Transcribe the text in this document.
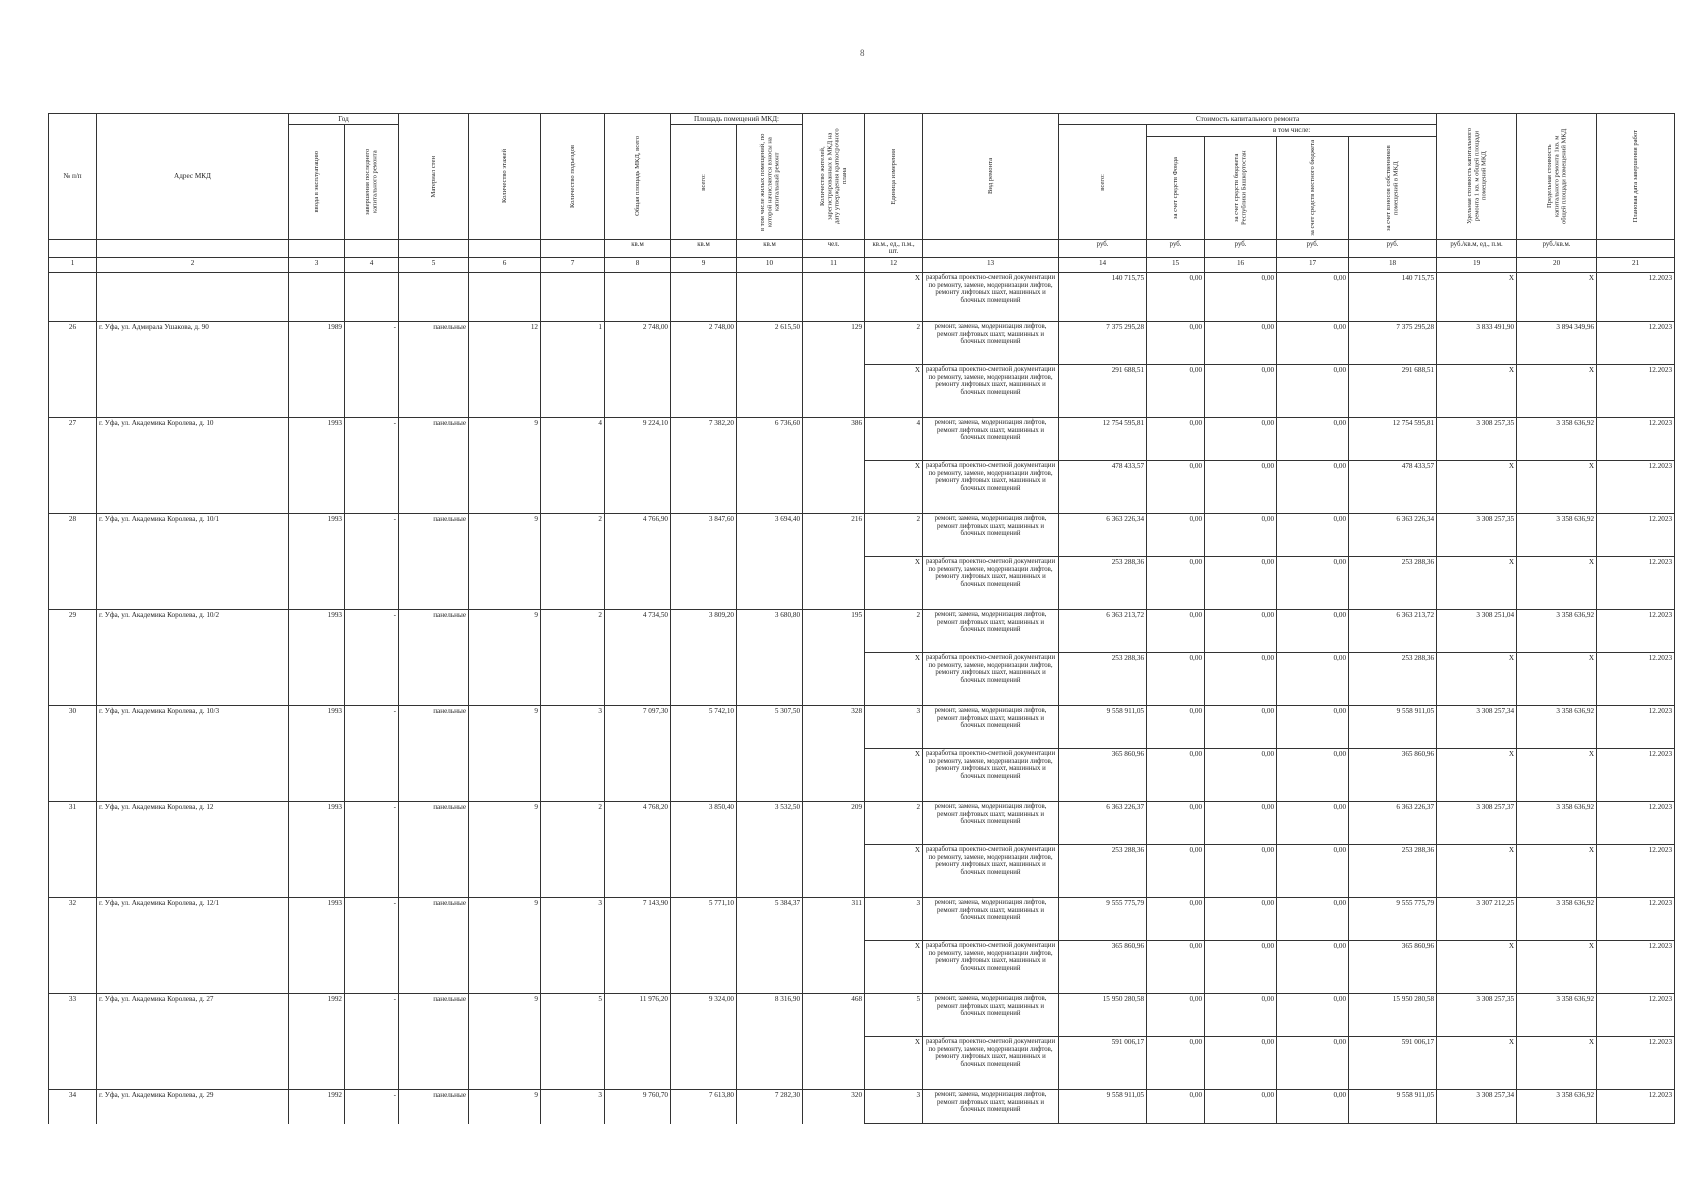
8
№ п/п	Адрес МКД	Год		Материал стен	Количество этажей	Количество подъездов	Общая площадь МКД, всего	Площадь помещений МКД:		Количество жителей, зарегистрированных в МКД на дату утверждения краткосрочного плана	Единица измерения	Вид ремонта	Стоимость капитального ремонта					Удельная стоимость капитального ремонта 1 кв. м общей площади помещений МКД	Предельная стоимость капитального ремонта 1кв. м общей площади помещений МКД	Плановая дата завершения работ

		ввода в эксплуатацию	завершения последнего капитального ремонта					всего:	в том числе жилых помещений, по которой начисляются взносы на капитальный ремонт				всего:	в том числе:						

														за счет средств Фонда	за счет средств бюджета Республики Башкортостан	за счет средств местного бюджета	за счет взносов собственников помещений в МКД			

							кв.м	кв.м	кв.м	чел.	кв.м., ед., п.м., шт.		руб.	руб.	руб.	руб.	руб.	руб./кв.м, ед., п.м.	руб./кв.м.	
1	2	3	4	5	6	7	8	9	10	11	12	13	14	15	16	17	18	19	20	21
											X	разработка проектно-сметной документации по ремонту, замене, модернизации лифтов, ремонту лифтовых шахт, машинных и блочных помещений	140 715,75	0,00	0,00	0,00	140 715,75	X	X	12.2023
26	г. Уфа, ул. Адмирала Ушакова, д. 90	1989	-	панельные	12	1	2 748,00	2 748,00	2 615,50	129	2	ремонт, замена, модернизация лифтов, ремонт лифтовых шахт, машинных и блочных помещений	7 375 295,28	0,00	0,00	0,00	7 375 295,28	3 833 491,90	3 894 349,96	12.2023
											X	разработка проектно-сметной документации по ремонту, замене, модернизации лифтов, ремонту лифтовых шахт, машинных и блочных помещений	291 688,51	0,00	0,00	0,00	291 688,51	X	X	12.2023
27	г. Уфа, ул. Академика Королева, д. 10	1993	-	панельные	9	4	9 224,10	7 382,20	6 736,60	386	4	ремонт, замена, модернизация лифтов, ремонт лифтовых шахт, машинных и блочных помещений	12 754 595,81	0,00	0,00	0,00	12 754 595,81	3 308 257,35	3 358 636,92	12.2023
											X	разработка проектно-сметной документации по ремонту, замене, модернизации лифтов, ремонту лифтовых шахт, машинных и блочных помещений	478 433,57	0,00	0,00	0,00	478 433,57	X	X	12.2023
28	г. Уфа, ул. Академика Королева, д. 10/1	1993	-	панельные	9	2	4 766,90	3 847,60	3 694,40	216	2	ремонт, замена, модернизация лифтов, ремонт лифтовых шахт, машинных и блочных помещений	6 363 226,34	0,00	0,00	0,00	6 363 226,34	3 308 257,35	3 358 636,92	12.2023
											X	разработка проектно-сметной документации по ремонту, замене, модернизации лифтов, ремонту лифтовых шахт, машинных и блочных помещений	253 288,36	0,00	0,00	0,00	253 288,36	X	X	12.2023
29	г. Уфа, ул. Академика Королева, д. 10/2	1993	-	панельные	9	2	4 734,50	3 809,20	3 680,80	195	2	ремонт, замена, модернизация лифтов, ремонт лифтовых шахт, машинных и блочных помещений	6 363 213,72	0,00	0,00	0,00	6 363 213,72	3 308 251,04	3 358 636,92	12.2023
											X	разработка проектно-сметной документации по ремонту, замене, модернизации лифтов, ремонту лифтовых шахт, машинных и блочных помещений	253 288,36	0,00	0,00	0,00	253 288,36	X	X	12.2023
30	г. Уфа, ул. Академика Королева, д. 10/3	1993	-	панельные	9	3	7 097,30	5 742,10	5 307,50	328	3	ремонт, замена, модернизация лифтов, ремонт лифтовых шахт, машинных и блочных помещений	9 558 911,05	0,00	0,00	0,00	9 558 911,05	3 308 257,34	3 358 636,92	12.2023
											X	разработка проектно-сметной документации по ремонту, замене, модернизации лифтов, ремонту лифтовых шахт, машинных и блочных помещений	365 860,96	0,00	0,00	0,00	365 860,96	X	X	12.2023
31	г. Уфа, ул. Академика Королева, д. 12	1993	-	панельные	9	2	4 768,20	3 850,40	3 532,50	209	2	ремонт, замена, модернизация лифтов, ремонт лифтовых шахт, машинных и блочных помещений	6 363 226,37	0,00	0,00	0,00	6 363 226,37	3 308 257,37	3 358 636,92	12.2023
											X	разработка проектно-сметной документации по ремонту, замене, модернизации лифтов, ремонту лифтовых шахт, машинных и блочных помещений	253 288,36	0,00	0,00	0,00	253 288,36	X	X	12.2023
32	г. Уфа, ул. Академика Королева, д. 12/1	1993	-	панельные	9	3	7 143,90	5 771,10	5 384,37	311	3	ремонт, замена, модернизация лифтов, ремонт лифтовых шахт, машинных и блочных помещений	9 555 775,79	0,00	0,00	0,00	9 555 775,79	3 307 212,25	3 358 636,92	12.2023
											X	разработка проектно-сметной документации по ремонту, замене, модернизации лифтов, ремонту лифтовых шахт, машинных и блочных помещений	365 860,96	0,00	0,00	0,00	365 860,96	X	X	12.2023
33	г. Уфа, ул. Академика Королева, д. 27	1992	-	панельные	9	5	11 976,20	9 324,00	8 316,90	468	5	ремонт, замена, модернизация лифтов, ремонт лифтовых шахт, машинных и блочных помещений	15 950 280,58	0,00	0,00	0,00	15 950 280,58	3 308 257,35	3 358 636,92	12.2023
											X	разработка проектно-сметной документации по ремонту, замене, модернизации лифтов, ремонту лифтовых шахт, машинных и блочных помещений	591 006,17	0,00	0,00	0,00	591 006,17	X	X	12.2023
34	г. Уфа, ул. Академика Королева, д. 29	1992	-	панельные	9	3	9 760,70	7 613,80	7 282,30	320	3	ремонт, замена, модернизация лифтов, ремонт лифтовых шахт, машинных и блочных помещений	9 558 911,05	0,00	0,00	0,00	9 558 911,05	3 308 257,34	3 358 636,92	12.2023
